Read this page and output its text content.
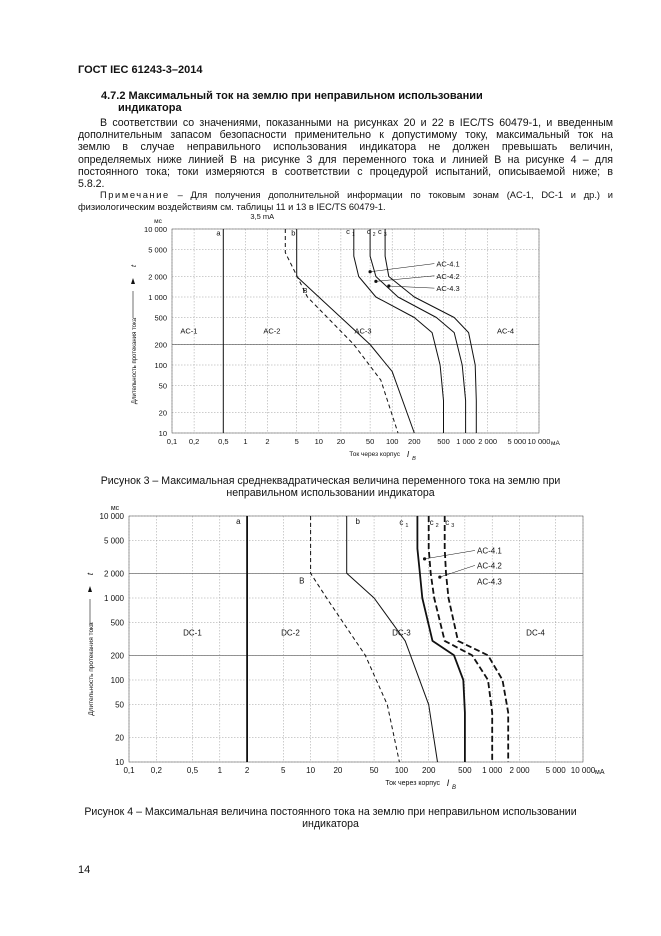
ГОСТ IEC 61243-3–2014
4.7.2 Максимальный ток на землю при неправильном использовании
индикатора
В соответствии со значениями, показанными на рисунках 20 и 22 в IEC/TS 60479-1, и введенным
дополнительным запасом безопасности применительно к допустимому току, максимальный ток на
землю в случае неправильного использования индикатора не должен превышать величин,
определяемых ниже линией B на рисунке 3 для переменного тока и линией B на рисунке 4 – для
постоянного тока; токи измеряются в соответствии с процедурой испытаний, описываемой ниже; в
5.8.2.
Примечание – Для получения дополнительной информации по токовым зонам (AC-1, DC-1 и др.) и
физиологическим воздействиям см. таблицы 11 и 13 в IEC/TS 60479-1.
0,1 0,2	0,5 1 2	5 10 20	50 100 200 500 1 000 2 000 5 000 10 000
10
20
50
100
200
500
1 000
2 000
5 000
10 000
мс
мА
Ток через корпус I B
Длительность протекания тока
t
AC-1	AC-2	AC-3	AC-4
a	b
B
c 1 c 2 c 3
3,5 mA
AC-4.1
AC-4.2
AC-4.3
0,1 0,2	0,5 1	2	5	10 20	50 100 200	500 1 000 2 000 5 000 10 000
10
20
50
100
200
500
1 000
2 000
5 000
10 000
мс
мА
Ток через корпус I B
Длительность протекания тока
t
DC-1	DC-2	DC-3	DC-4
a	b
B
c 1	c 2 c 3
AC-4.1
AC-4.2
AC-4.3
Рисунок 3 – Максимальная среднеквадратическая величина переменного тока на землю при
неправильном использовании индикатора
Рисунок 4 – Максимальная величина постоянного тока на землю при неправильном использовании
индикатора
14
